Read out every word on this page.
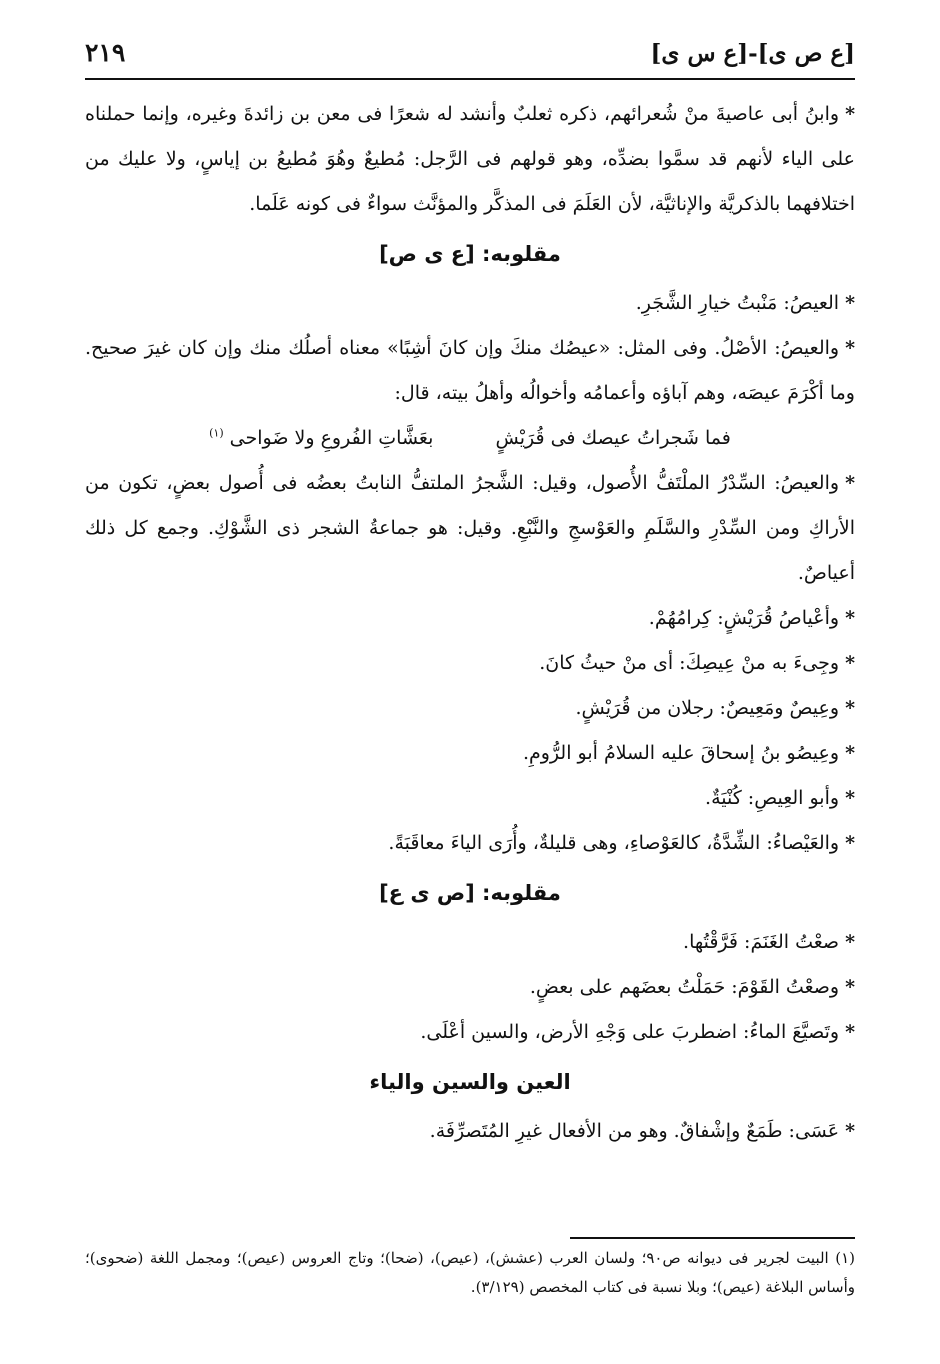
[ع ص ى]-[ع س ى]
٢١٩

*وابنُ أبى عاصيةَ منْ شُعرائهم، ذكره ثعلبٌ وأنشد له شعرًا فى معن بن زائدةَ وغيره، وإنما حملناه على الياء لأنهم قد سمَّوا بضدِّه، وهو قولهم فى الرَّجل: مُطيعٌ وهُوَ مُطيعُ بن إياسٍ، ولا عليك من اختلافهما بالذكريَّة والإناثيَّة، لأن العَلَمَ فى المذكَّر والمؤنَّث سواءٌ فى كونه عَلَما.

مقلوبه: [ع ى ص]

*العيصُ: مَنْبتُ خيارِ الشَّجَرِ.

*والعيصُ: الأصْلُ. وفى المثل: «عيصُك منكَ وإن كانَ أشِبًا» معناه أصلُك منك وإن كان غيرَ صحيح. وما أكْرَمَ عيصَه، وهم آباؤه وأعمامُه وأخوالُه وأهلُ بيته، قال:

فما شَجراتُ عيصك فى قُرَيْشٍ  بعَشَّاتِ الفُروعِ ولا ضَواحى $^{(١)}$

*والعيصُ: السِّدْرُ الملْتَفُّ الأُصول، وقيل: الشَّجرُ الملتفُّ النابتُ بعضُه فى أُصول بعضٍ، تكون من الأراكِ ومن السِّدْرِ والسَّلَمِ والعَوْسجِ والنَّبْعِ. وقيل: هو جماعةُ الشجر ذى الشَّوْكِ. وجمع كل ذلك أعياصٌ.

*وأعْياصُ قُرَيْشٍ: كِرامُهُمْ.

*وجِىءَ به منْ عِيصِكَ: أى منْ حيثُ كانَ.

*وعِيصٌ ومَعِيصٌ: رجلان من قُرَيْشٍ.

*وعِيصُو بنُ إسحاقَ عليه السلامُ أبو الرُّومِ.

*وأبو العِيصِ: كُنْيَةٌ.

*والعَيْصاءُ: الشِّدَّةُ، كالعَوْصاءِ، وهى قليلةٌ، وأُرَى الياءَ معاقَبَةً.

مقلوبه: [ص ى ع]

*صعْتُ الغَنَمَ: فَرَّقْتُها.

*وصعْتُ القَوْمَ: حَمَلْتُ بعضَهم على بعضٍ.

*وتَصيَّعَ الماءُ: اضطربَ على وَجْهِ الأرض، والسين أعْلَى.

العين والسين والياء

*عَسَى: طَمَعٌ وإشْفاقٌ. وهو من الأفعال غيرِ المُتَصرِّفَة.

(١) البيت لجرير فى ديوانه ص٩٠؛ ولسان العرب (عشش)، (عيص)، (ضحا)؛ وتاج العروس (عيص)؛ ومجمل اللغة (ضحوى)؛ وأساس البلاغة (عيص)؛ وبلا نسبة فى كتاب المخصص (٣/١٢٩).
